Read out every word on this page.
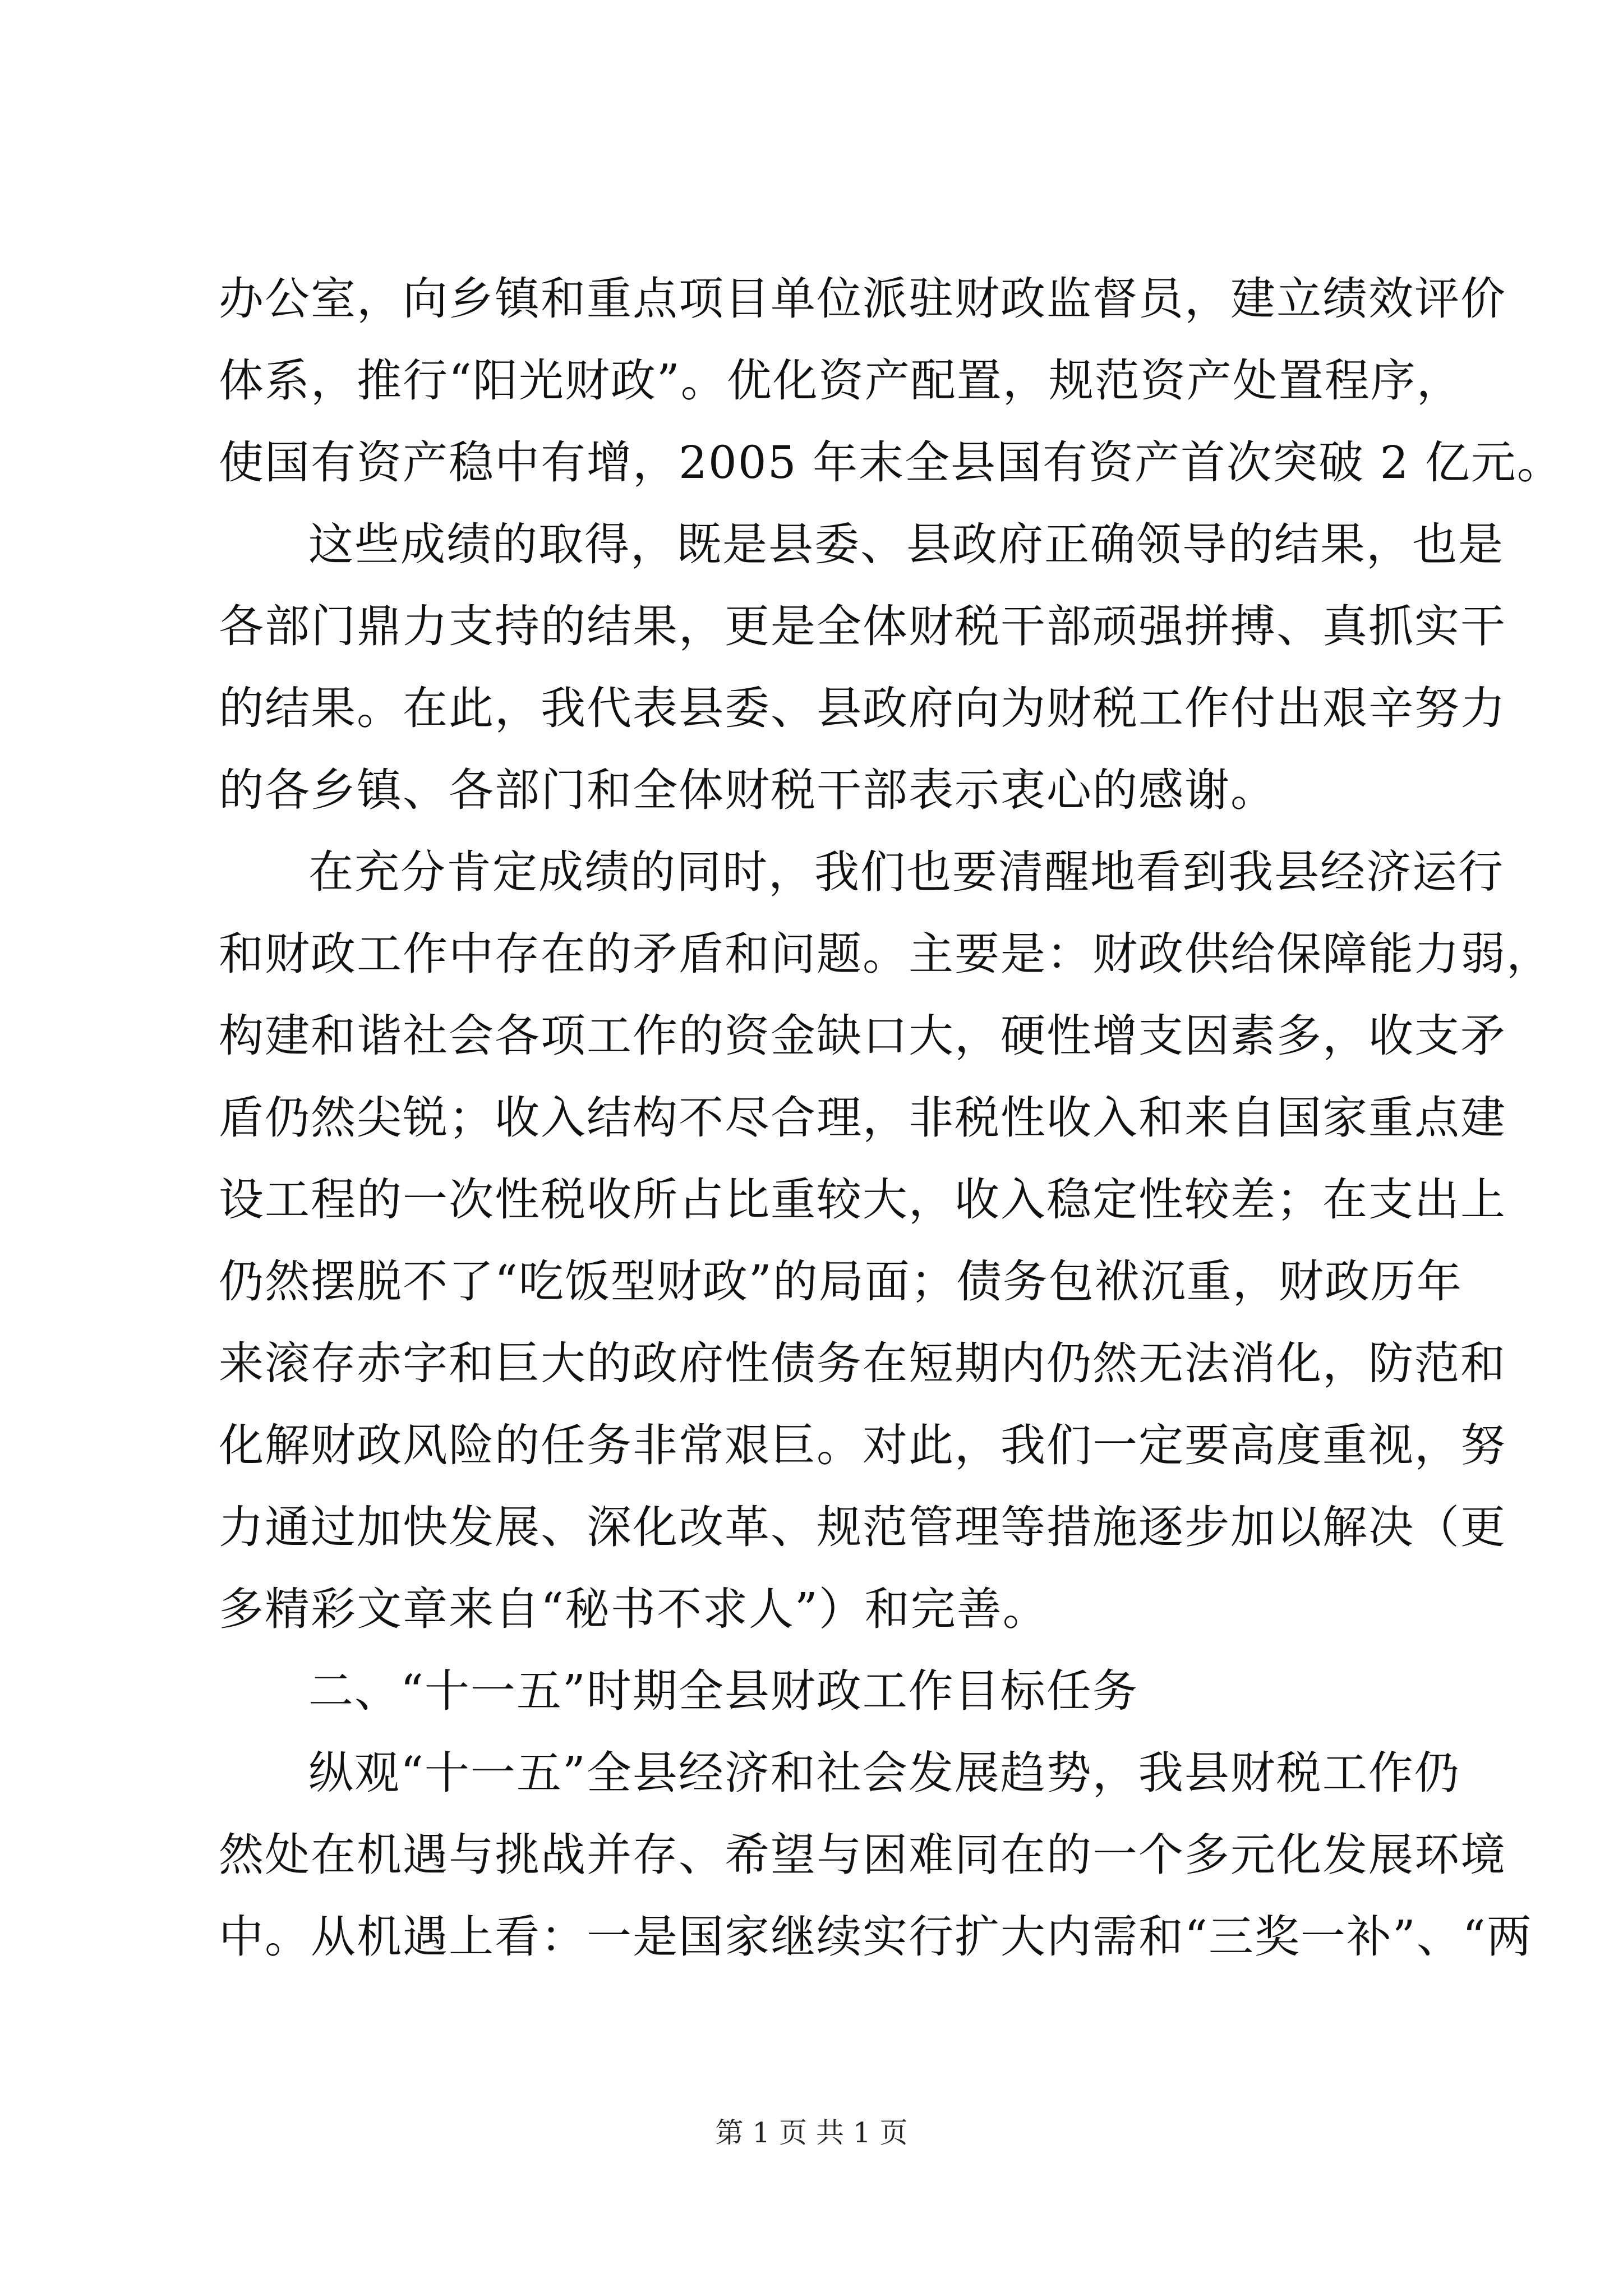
办公室，向乡镇和重点项目单位派驻财政监督员，建立绩效评价
体系，推行“阳光财政”。优化资产配置，规范资产处置程序，
使国有资产稳中有增，2005 年末全县国有资产首次突破 2 亿元。
这些成绩的取得，既是县委、县政府正确领导的结果，也是
各部门鼎力支持的结果，更是全体财税干部顽强拼搏、真抓实干
的结果。在此，我代表县委、县政府向为财税工作付出艰辛努力
的各乡镇、各部门和全体财税干部表示衷心的感谢。
在充分肯定成绩的同时，我们也要清醒地看到我县经济运行
和财政工作中存在的矛盾和问题。主要是：财政供给保障能力弱，
构建和谐社会各项工作的资金缺口大，硬性增支因素多，收支矛
盾仍然尖锐；收入结构不尽合理，非税性收入和来自国家重点建
设工程的一次性税收所占比重较大，收入稳定性较差；在支出上
仍然摆脱不了“吃饭型财政”的局面；债务包袱沉重，财政历年
来滚存赤字和巨大的政府性债务在短期内仍然无法消化，防范和
化解财政风险的任务非常艰巨。对此，我们一定要高度重视，努
力通过加快发展、深化改革、规范管理等措施逐步加以解决（更
多精彩文章来自“秘书不求人”）和完善。
二、“十一五”时期全县财政工作目标任务
纵观“十一五”全县经济和社会发展趋势，我县财税工作仍
然处在机遇与挑战并存、希望与困难同在的一个多元化发展环境
中。从机遇上看：一是国家继续实行扩大内需和“三奖一补”、“两
第 1 页 共 1 页
